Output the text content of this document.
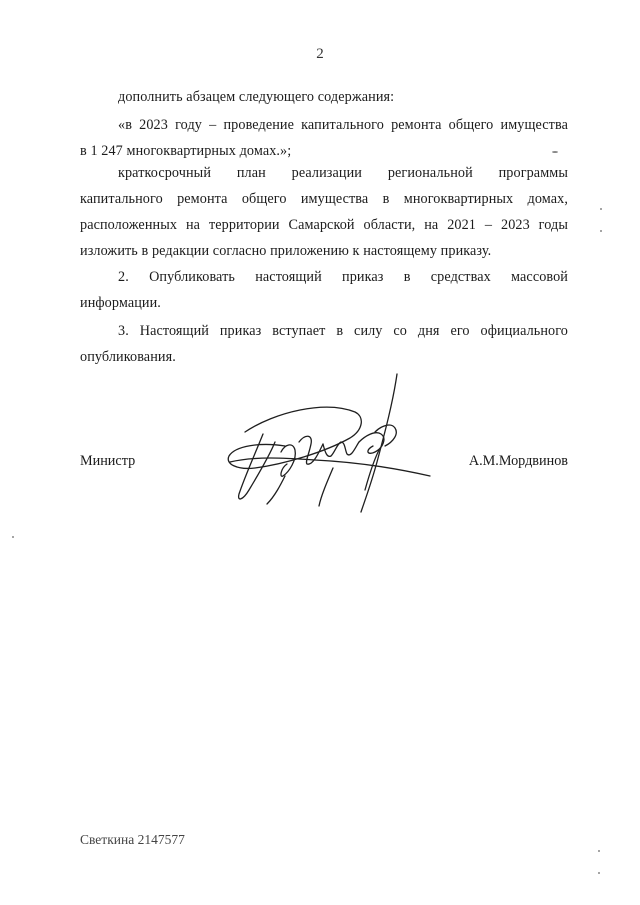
2
дополнить абзацем следующего содержания:
«в 2023 году – проведение капитального ремонта общего имущества
в 1 247 многоквартирных домах.»;
краткосрочный план реализации региональной программы
капитального ремонта общего имущества в многоквартирных домах,
расположенных на территории Самарской области, на 2021 – 2023 годы
изложить в редакции согласно приложению к настоящему приказу.
2. Опубликовать настоящий приказ в средствах массовой
информации.
3. Настоящий приказ вступает в силу со дня его официального
опубликования.
Министр	А.М.Мордвинов
Светкина 2147577
